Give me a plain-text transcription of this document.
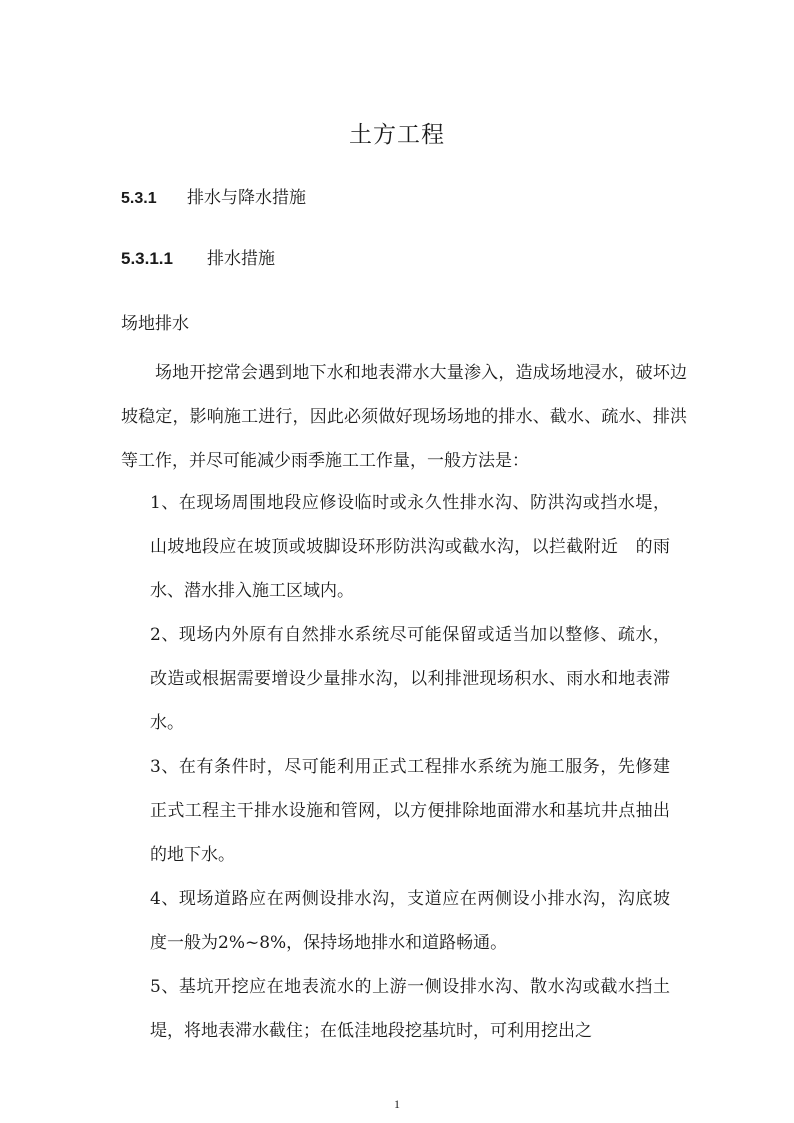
土方工程
5.3.1 排水与降水措施
5.3.1.1 排水措施
场地排水

场地开挖常会遇到地下水和地表滞水大量渗入，造成场地浸水，破坏边坡稳定，影响施工进行，因此必须做好现场场地的排水、截水、疏水、排洪等工作，并尽可能减少雨季施工工作量，一般方法是：

1、在现场周围地段应修设临时或永久性排水沟、防洪沟或挡水堤，山坡地段应在坡顶或坡脚设环形防洪沟或截水沟，以拦截附近　的雨水、潜水排入施工区域内。
2、现场内外原有自然排水系统尽可能保留或适当加以整修、疏水，改造或根据需要增设少量排水沟，以利排泄现场积水、雨水和地表滞水。
3、在有条件时，尽可能利用正式工程排水系统为施工服务，先修建正式工程主干排水设施和管网，以方便排除地面滞水和基坑井点抽出的地下水。
4、现场道路应在两侧设排水沟，支道应在两侧设小排水沟，沟底坡度一般为2%~8%，保持场地排水和道路畅通。
5、基坑开挖应在地表流水的上游一侧设排水沟、散水沟或截水挡土堤，将地表滞水截住；在低洼地段挖基坑时，可利用挖出之
1
